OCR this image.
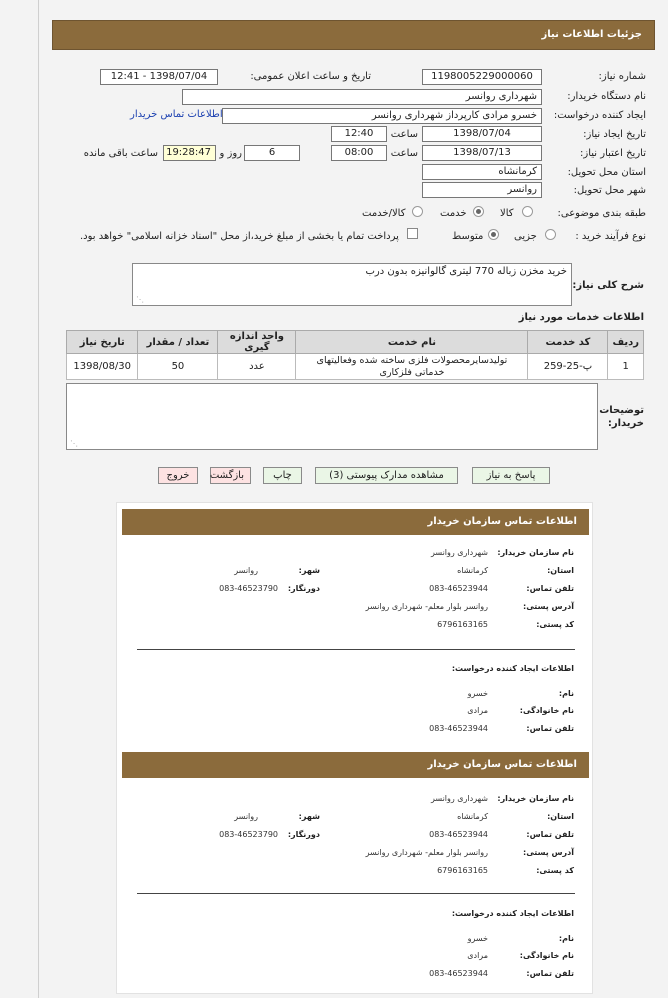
جزئیات اطلاعات نیاز
شماره نیاز:
1198005229000060
تاریخ و ساعت اعلان عمومی:
1398/07/04 - 12:41
نام دستگاه خریدار:
شهرداری روانسر
ایجاد کننده درخواست:
خسرو مرادی کارپرداز شهرداری روانسر
اطلاعات تماس خریدار
تاریخ ایجاد نیاز:
1398/07/04
ساعت
12:40
تاریخ اعتبار نیاز:
1398/07/13
ساعت
08:00
6
روز و
19:28:47
ساعت باقی مانده
استان محل تحویل:
کرمانشاه
شهر محل تحویل:
روانسر
طبقه بندی موضوعی:
کالا
خدمت
کالا/خدمت
نوع فرآیند خرید :
جزیی
متوسط
پرداخت تمام یا بخشی از مبلغ خرید،از محل "اسناد خزانه اسلامی" خواهد بود.
شرح کلی نیاز:
خرید مخزن زباله 770 لیتری گالوانیزه بدون درب
⋰
اطلاعات خدمات مورد نیاز
ردیف	کد خدمت	نام خدمت	واحد اندازه گیری	تعداد / مقدار	تاریخ نیاز
1	پ-25-259	تولیدسایرمحصولات فلزی ساخته شده وفعالیتهای خدماتی فلزکاری	عدد	50	1398/08/30
توضیحات خریدار:
⋰
پاسخ به نیاز
مشاهده مدارک پیوستی (3)
چاپ
بازگشت
خروج
اطلاعات تماس سازمان خریدار
نام سازمان خریدار:
شهرداری روانسر
استان:
کرمانشاه
شهر:
روانسر
تلفن تماس:
083-46523944
دورنگار:
083-46523790
آدرس پستی:
روانسر بلوار معلم- شهرداری روانسر
کد پستی:
6796163165
اطلاعات ایجاد کننده درخواست:
نام:
خسرو
نام خانوادگی:
مرادی
تلفن تماس:
083-46523944
اطلاعات تماس سازمان خریدار
نام سازمان خریدار:
شهرداری روانسر
استان:
کرمانشاه
شهر:
روانسر
تلفن تماس:
083-46523944
دورنگار:
083-46523790
آدرس پستی:
روانسر بلوار معلم- شهرداری روانسر
کد پستی:
6796163165
اطلاعات ایجاد کننده درخواست:
نام:
خسرو
نام خانوادگی:
مرادی
تلفن تماس:
083-46523944
